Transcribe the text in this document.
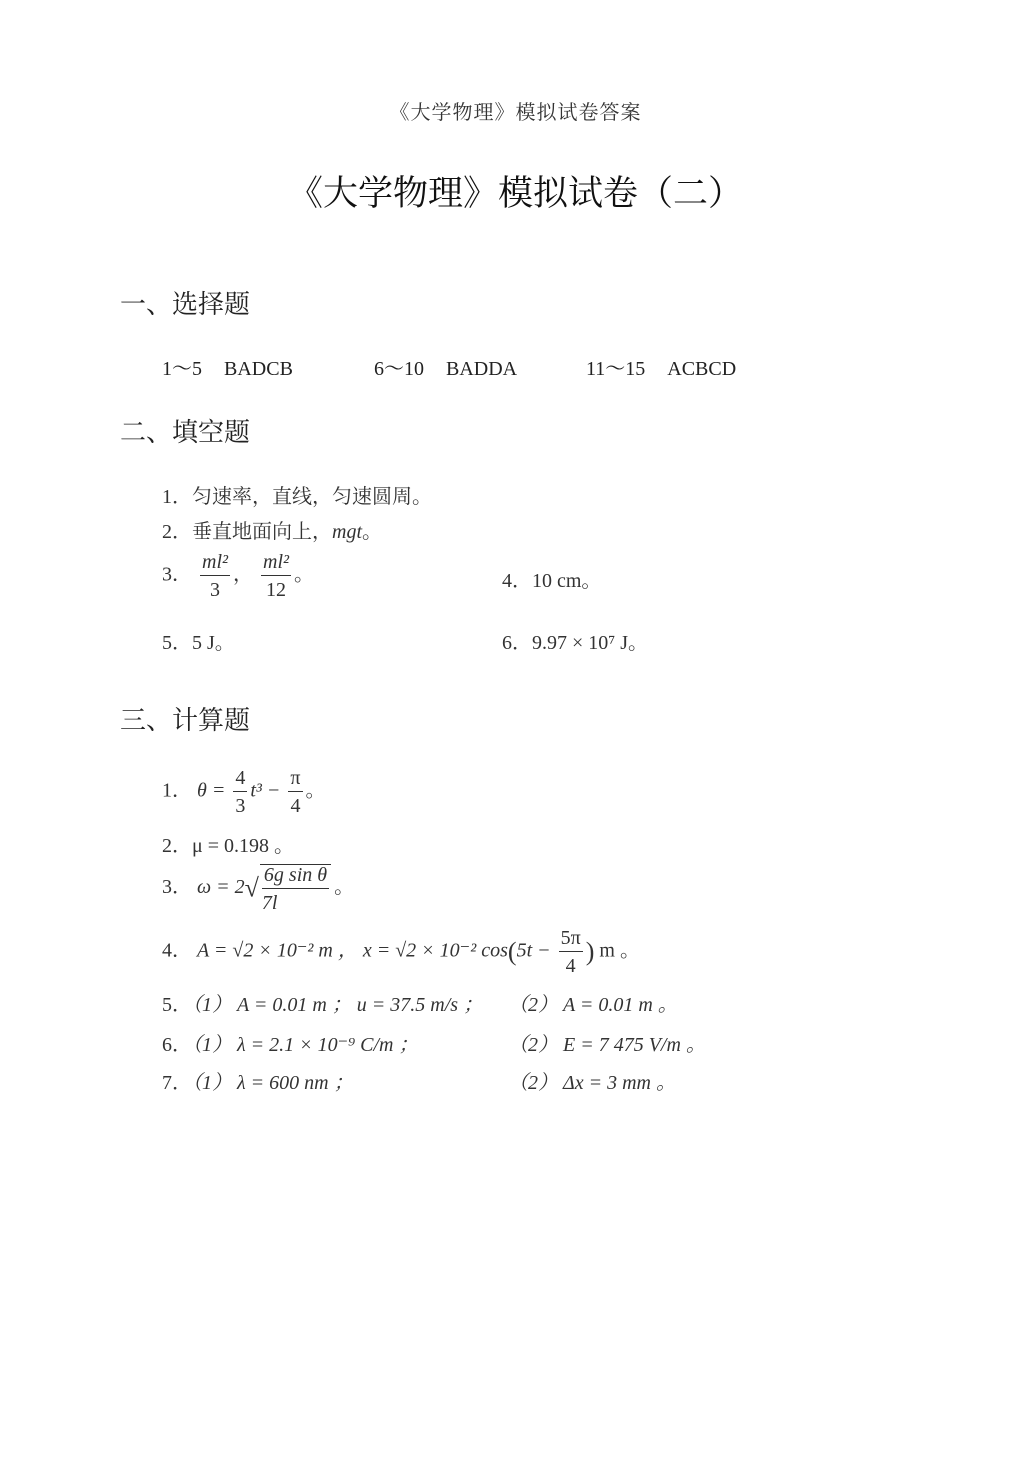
《大学物理》模拟试卷答案
《大学物理》模拟试卷（二）
一、选择题
1～5 BADCB	6～10 BADDA	11～15 ACBCD
二、填空题
1．匀速率，直线，匀速圆周。
2．垂直地面向上，mgt。
3． $\frac{\text{ml²}}{3}$ ， $\frac{\text{ml²}}{12}$ 。	4．10 cm。
5．5 J。	6．9.97 × 10⁷ J。
三、计算题
1． $\theta = \frac{4}{3} t^3 - \frac{\pi}{4}$ 。
2．μ = 0.198 。
3． $\omega = 2√ \frac{\text{6g sin θ}}{7l}$ 。
4． A = √2 × 10⁻² m ， x = √2 × 10⁻² $\cos(5t - \frac{5\pi}{4}$ ) m 。
5．（1） A = 0.01 m ； u = 37.5 m/s ； （2） A = 0.01 m 。
6．（1） λ = 2.1 × 10⁻⁹ C/m ；	（2） E = 7 475 V/m 。
7．（1） λ = 600 nm ；	（2） Δx = 3 mm 。
